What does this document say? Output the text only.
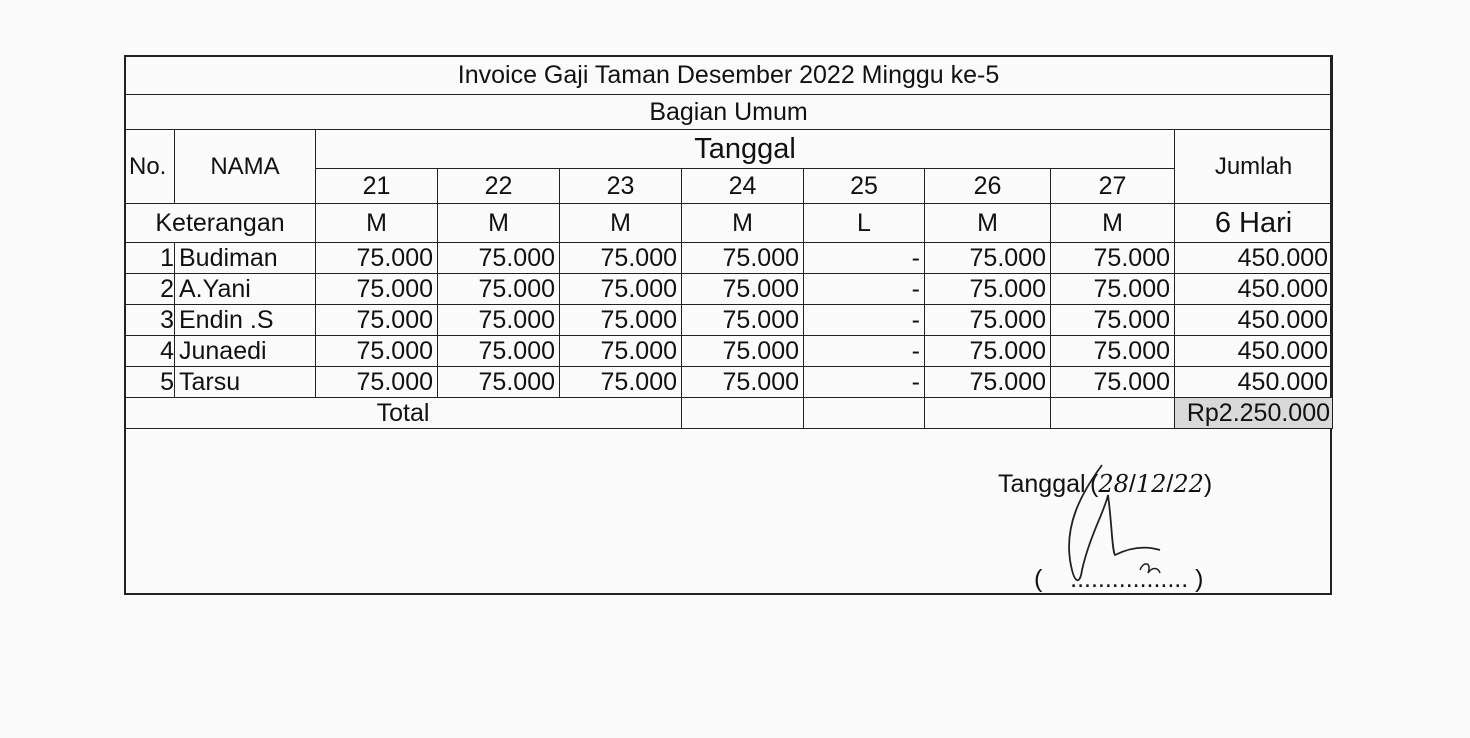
Invoice Gaji Taman Desember 2022 Minggu ke-5									
Bagian Umum									
No.	NAMA	Tanggal							Jumlah
		21	22	23	24	25	26	27	
Keterangan		M	M	M	M	L	M	M	6 Hari
1	Budiman	75.000	75.000	75.000	75.000	-	75.000	75.000	450.000
2	A.Yani	75.000	75.000	75.000	75.000	-	75.000	75.000	450.000
3	Endin .S	75.000	75.000	75.000	75.000	-	75.000	75.000	450.000
4	Junaedi	75.000	75.000	75.000	75.000	-	75.000	75.000	450.000
5	Tarsu	75.000	75.000	75.000	75.000	-	75.000	75.000	450.000
Total									Rp2.250.000
Tanggal (28/12/22)
( ................. )
